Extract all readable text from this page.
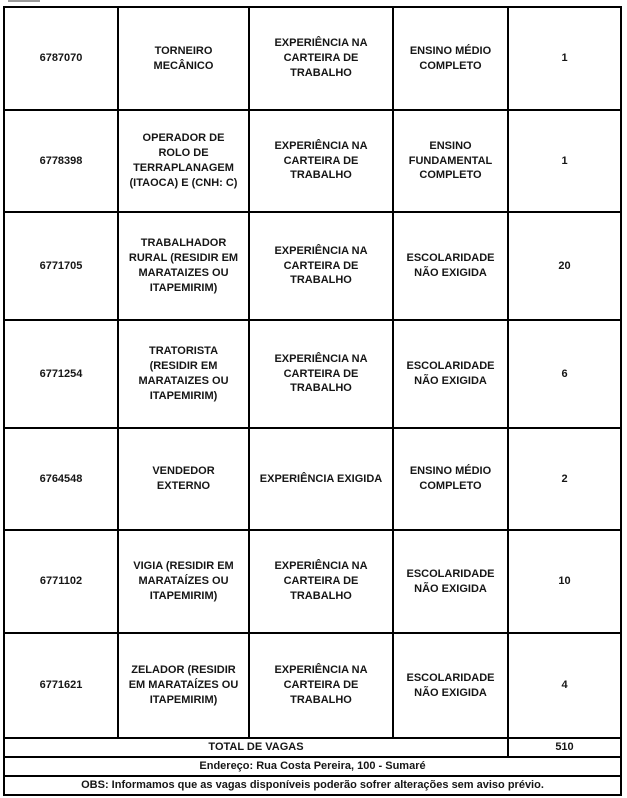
6787070	TORNEIRO MECÂNICO	EXPERIÊNCIA NA CARTEIRA DE TRABALHO	ENSINO MÉDIO COMPLETO	1
6778398	OPERADOR DE ROLO DE TERRAPLANAGEM (ITAOCA) E (CNH: C)	EXPERIÊNCIA NA CARTEIRA DE TRABALHO	ENSINO FUNDAMENTAL COMPLETO	1
6771705	TRABALHADOR RURAL (RESIDIR EM MARATAIZES OU ITAPEMIRIM)	EXPERIÊNCIA NA CARTEIRA DE TRABALHO	ESCOLARIDADE NÃO EXIGIDA	20
6771254	TRATORISTA (RESIDIR EM MARATAIZES OU ITAPEMIRIM)	EXPERIÊNCIA NA CARTEIRA DE TRABALHO	ESCOLARIDADE NÃO EXIGIDA	6
6764548	VENDEDOR EXTERNO	EXPERIÊNCIA EXIGIDA	ENSINO MÉDIO COMPLETO	2
6771102	VIGIA (RESIDIR EM MARATAÍZES OU ITAPEMIRIM)	EXPERIÊNCIA NA CARTEIRA DE TRABALHO	ESCOLARIDADE NÃO EXIGIDA	10
6771621	ZELADOR (RESIDIR EM MARATAÍZES OU ITAPEMIRIM)	EXPERIÊNCIA NA CARTEIRA DE TRABALHO	ESCOLARIDADE NÃO EXIGIDA	4
TOTAL DE VAGAS				510
Endereço: Rua Costa Pereira, 100 - Sumaré				
OBS: Informamos que as vagas disponíveis poderão sofrer alterações sem aviso prévio.				
